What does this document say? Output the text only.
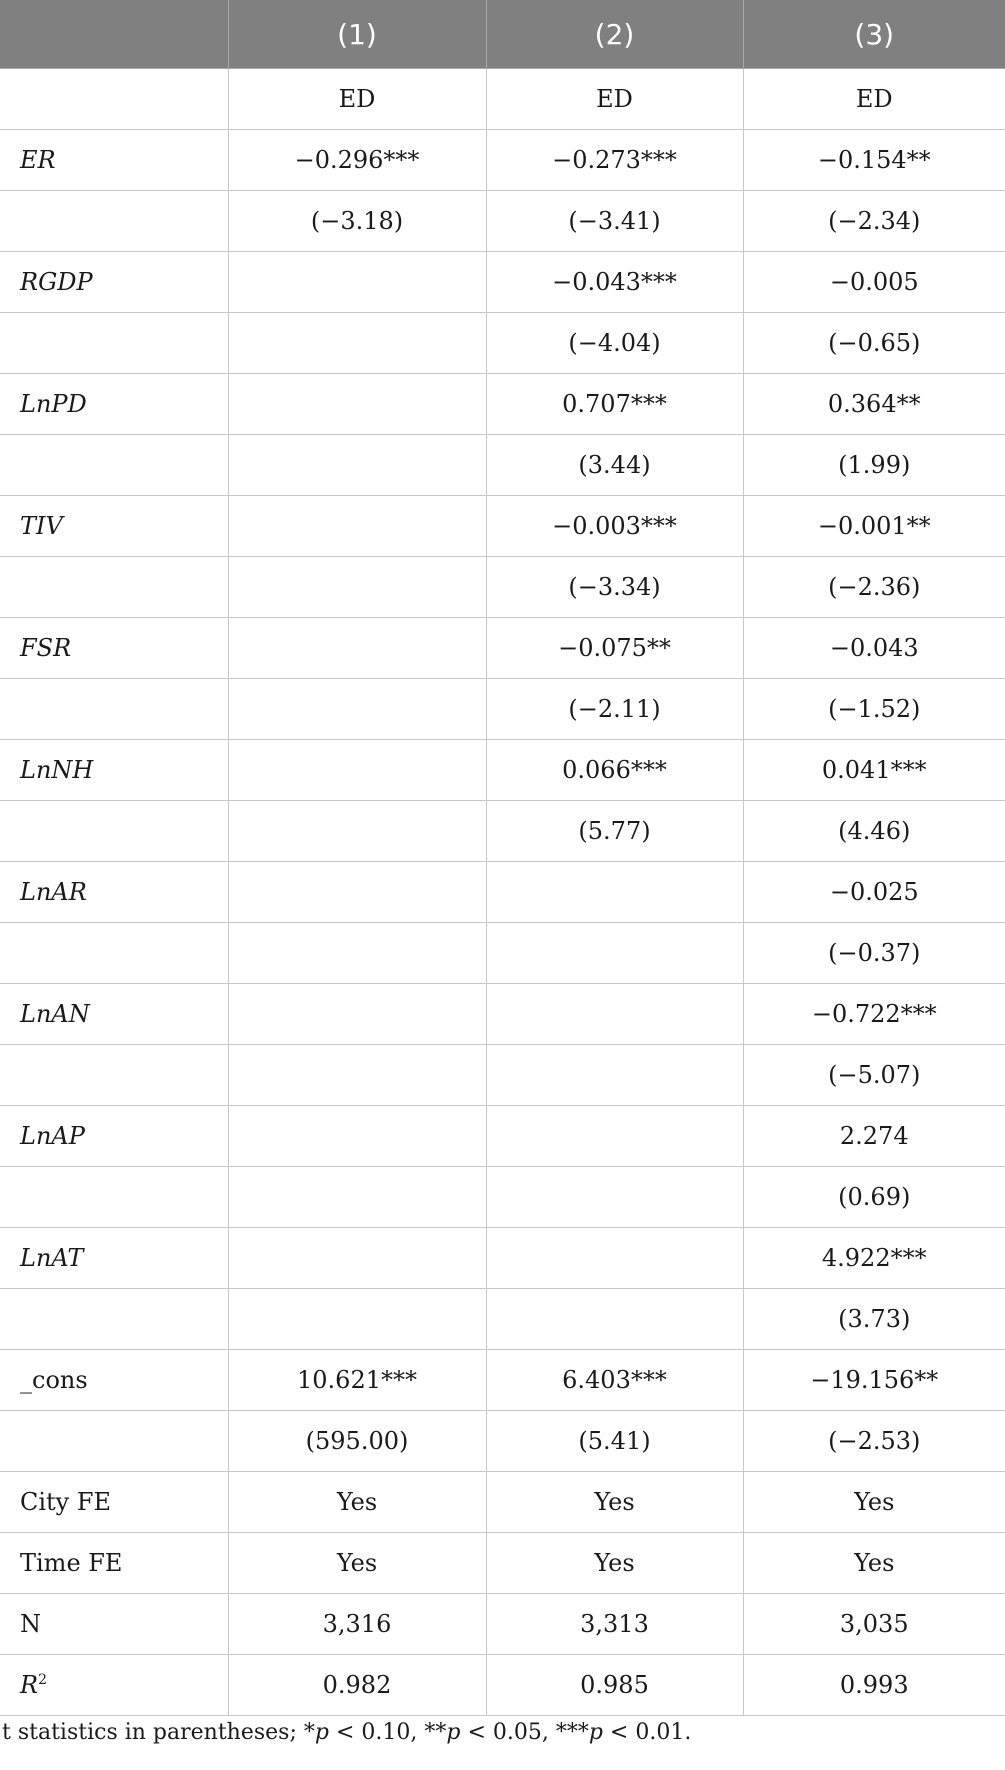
	(1)	(2)	(3)
	ED	ED	ED
ER	−0.296***	−0.273***	−0.154**
	(−3.18)	(−3.41)	(−2.34)
RGDP		−0.043***	−0.005
		(−4.04)	(−0.65)
LnPD		0.707***	0.364**
		(3.44)	(1.99)
TIV		−0.003***	−0.001**
		(−3.34)	(−2.36)
FSR		−0.075**	−0.043
		(−2.11)	(−1.52)
LnNH		0.066***	0.041***
		(5.77)	(4.46)
LnAR			−0.025
			(−0.37)
LnAN			−0.722***
			(−5.07)
LnAP			2.274
			(0.69)
LnAT			4.922***
			(3.73)
_cons	10.621***	6.403***	−19.156**
	(595.00)	(5.41)	(−2.53)
City FE	Yes	Yes	Yes
Time FE	Yes	Yes	Yes
N	3,316	3,313	3,035
$R^2$	0.982	0.985	0.993
t statistics in parentheses; *p < 0.10, **p < 0.05, ***p < 0.01.
